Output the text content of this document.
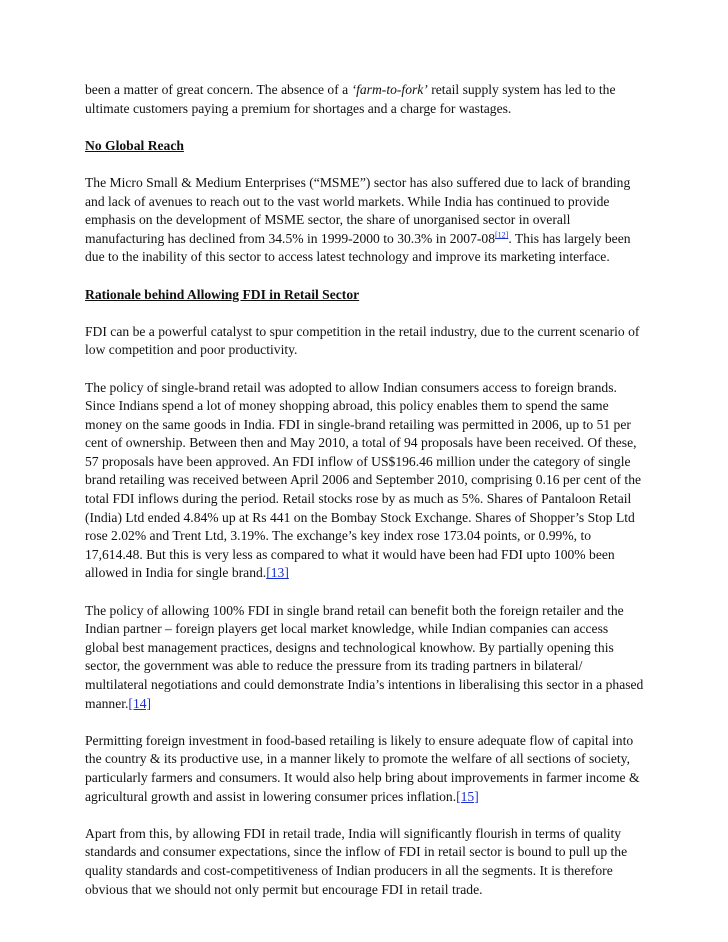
been a matter of great concern. The absence of a ‘farm-to-fork’ retail supply system has led to the ultimate customers paying a premium for shortages and a charge for wastages.

No Global Reach

The Micro Small & Medium Enterprises (“MSME”) sector has also suffered due to lack of branding and lack of avenues to reach out to the vast world markets. While India has continued to provide emphasis on the development of MSME sector, the share of unorganised sector in overall manufacturing has declined from 34.5% in 1999-2000 to 30.3% in 2007-08[12]. This has largely been due to the inability of this sector to access latest technology and improve its marketing interface.

Rationale behind Allowing FDI in Retail Sector

FDI can be a powerful catalyst to spur competition in the retail industry, due to the current scenario of low competition and poor productivity.

The policy of single-brand retail was adopted to allow Indian consumers access to foreign brands. Since Indians spend a lot of money shopping abroad, this policy enables them to spend the same money on the same goods in India. FDI in single-brand retailing was permitted in 2006, up to 51 per cent of ownership. Between then and May 2010, a total of 94 proposals have been received. Of these, 57 proposals have been approved. An FDI inflow of US$196.46 million under the category of single brand retailing was received between April 2006 and September 2010, comprising 0.16 per cent of the total FDI inflows during the period. Retail stocks rose by as much as 5%. Shares of Pantaloon Retail (India) Ltd ended 4.84% up at Rs 441 on the Bombay Stock Exchange. Shares of Shopper’s Stop Ltd rose 2.02% and Trent Ltd, 3.19%. The exchange’s key index rose 173.04 points, or 0.99%, to 17,614.48. But this is very less as compared to what it would have been had FDI upto 100% been allowed in India for single brand.[13]

The policy of allowing 100% FDI in single brand retail can benefit both the foreign retailer and the Indian partner – foreign players get local market knowledge, while Indian companies can access global best management practices, designs and technological knowhow. By partially opening this sector, the government was able to reduce the pressure from its trading partners in bilateral/ multilateral negotiations and could demonstrate India’s intentions in liberalising this sector in a phased manner.[14]

Permitting foreign investment in food-based retailing is likely to ensure adequate flow of capital into the country & its productive use, in a manner likely to promote the welfare of all sections of society, particularly farmers and consumers. It would also help bring about improvements in farmer income & agricultural growth and assist in lowering consumer prices inflation.[15]

Apart from this, by allowing FDI in retail trade, India will significantly flourish in terms of quality standards and consumer expectations, since the inflow of FDI in retail sector is bound to pull up the quality standards and cost-competitiveness of Indian producers in all the segments. It is therefore obvious that we should not only permit but encourage FDI in retail trade.
